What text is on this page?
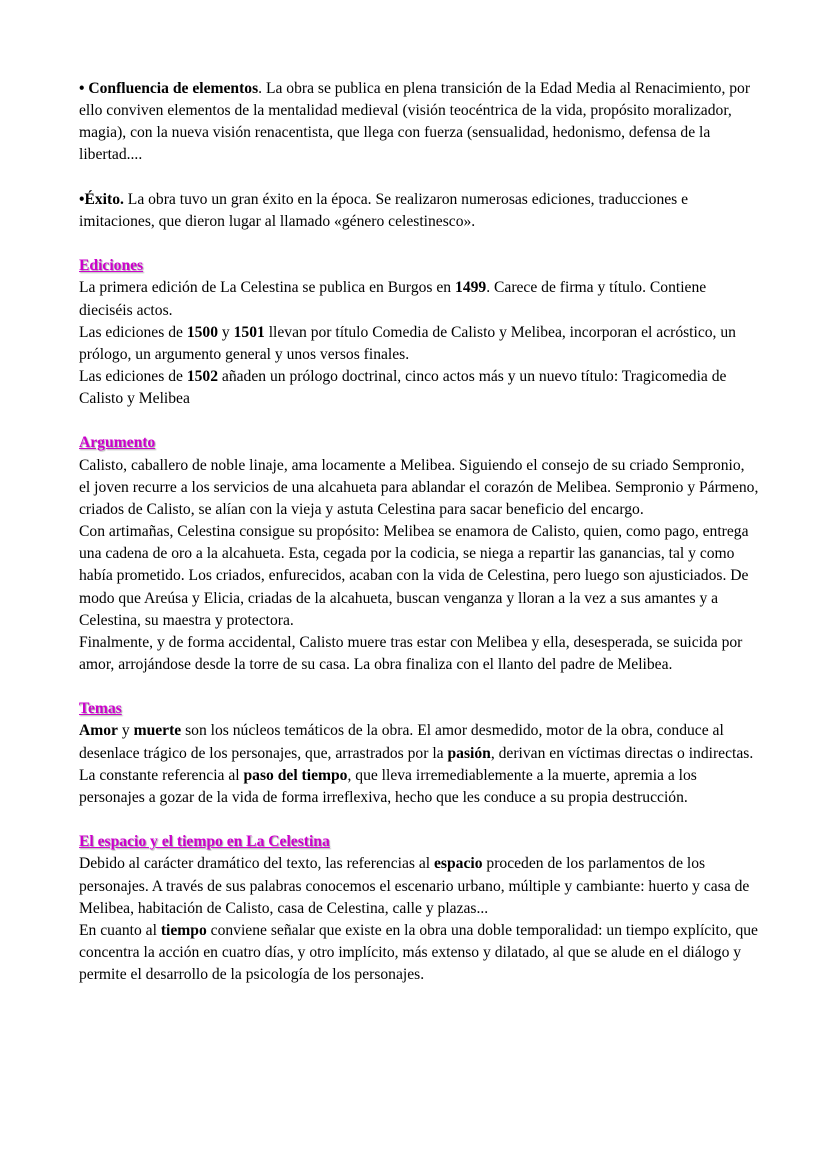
• Confluencia de elementos. La obra se publica en plena transición de la Edad Media al Renacimiento, por ello conviven elementos de la mentalidad medieval (visión teocéntrica de la vida, propósito moralizador, magia), con la nueva visión renacentista, que llega con fuerza (sensualidad, hedonismo, defensa de la libertad....

•Éxito. La obra tuvo un gran éxito en la época. Se realizaron numerosas ediciones, traducciones e imitaciones, que dieron lugar al llamado «género celestinesco».

Ediciones

La primera edición de La Celestina se publica en Burgos en 1499. Carece de firma y título. Contiene dieciséis actos.

Las ediciones de 1500 y 1501 llevan por título Comedia de Calisto y Melibea, incorporan el acróstico, un prólogo, un argumento general y unos versos finales.

Las ediciones de 1502 añaden un prólogo doctrinal, cinco actos más y un nuevo título: Tragicomedia de Calisto y Melibea

Argumento

Calisto, caballero de noble linaje, ama locamente a Melibea. Siguiendo el consejo de su criado Sempronio, el joven recurre a los servicios de una alcahueta para ablandar el corazón de Melibea. Sempronio y Pármeno, criados de Calisto, se alían con la vieja y astuta Celestina para sacar beneficio del encargo.

Con artimañas, Celestina consigue su propósito: Melibea se enamora de Calisto, quien, como pago, entrega una cadena de oro a la alcahueta. Esta, cegada por la codicia, se niega a repartir las ganancias, tal y como había prometido. Los criados, enfurecidos, acaban con la vida de Celestina, pero luego son ajusticiados. De modo que Areúsa y Elicia, criadas de la alcahueta, buscan venganza y lloran a la vez a sus amantes y a Celestina, su maestra y protectora.

Finalmente, y de forma accidental, Calisto muere tras estar con Melibea y ella, desesperada, se suicida por amor, arrojándose desde la torre de su casa. La obra finaliza con el llanto del padre de Melibea.

Temas

Amor y muerte son los núcleos temáticos de la obra. El amor desmedido, motor de la obra, conduce al desenlace trágico de los personajes, que, arrastrados por la pasión, derivan en víctimas directas o indirectas. La constante referencia al paso del tiempo, que lleva irremediablemente a la muerte, apremia a los personajes a gozar de la vida de forma irreflexiva, hecho que les conduce a su propia destrucción.

El espacio y el tiempo en La Celestina

Debido al carácter dramático del texto, las referencias al espacio proceden de los parlamentos de los personajes. A través de sus palabras conocemos el escenario urbano, múltiple y cambiante: huerto y casa de Melibea, habitación de Calisto, casa de Celestina, calle y plazas...

En cuanto al tiempo conviene señalar que existe en la obra una doble temporalidad: un tiempo explícito, que concentra la acción en cuatro días, y otro implícito, más extenso y dilatado, al que se alude en el diálogo y permite el desarrollo de la psicología de los personajes.
